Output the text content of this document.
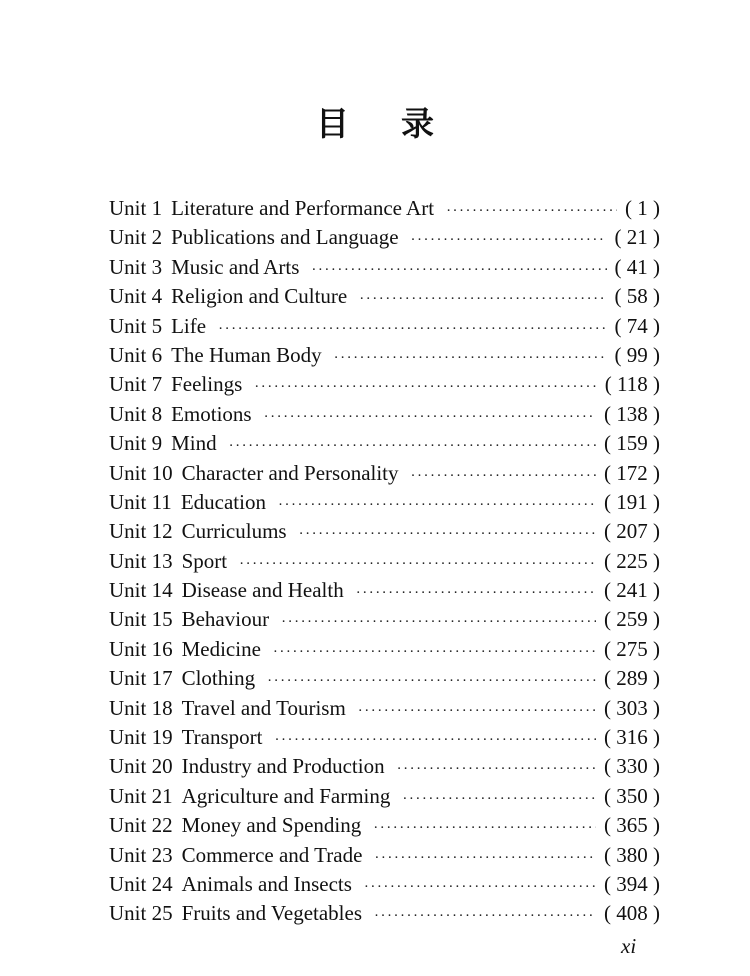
目录
Unit 1 Literature and Performance Art ·····	( 1 )
Unit 2 Publications and Language ·····	( 21 )
Unit 3 Music and Arts ·····	( 41 )
Unit 4 Religion and Culture ·····	( 58 )
Unit 5 Life ·····	( 74 )
Unit 6 The Human Body ·····	( 99 )
Unit 7 Feelings ·····	( 118 )
Unit 8 Emotions ·····	( 138 )
Unit 9 Mind ·····	( 159 )
Unit 10 Character and Personality ·····	( 172 )
Unit 11 Education ·····	( 191 )
Unit 12 Curriculums ·····	( 207 )
Unit 13 Sport ·····	( 225 )
Unit 14 Disease and Health ·····	( 241 )
Unit 15 Behaviour ·····	( 259 )
Unit 16 Medicine ·····	( 275 )
Unit 17 Clothing ·····	( 289 )
Unit 18 Travel and Tourism ·····	( 303 )
Unit 19 Transport ·····	( 316 )
Unit 20 Industry and Production ·····	( 330 )
Unit 21 Agriculture and Farming ·····	( 350 )
Unit 22 Money and Spending ·····	( 365 )
Unit 23 Commerce and Trade ·····	( 380 )
Unit 24 Animals and Insects ·····	( 394 )
Unit 25 Fruits and Vegetables ·····	( 408 )
xi
